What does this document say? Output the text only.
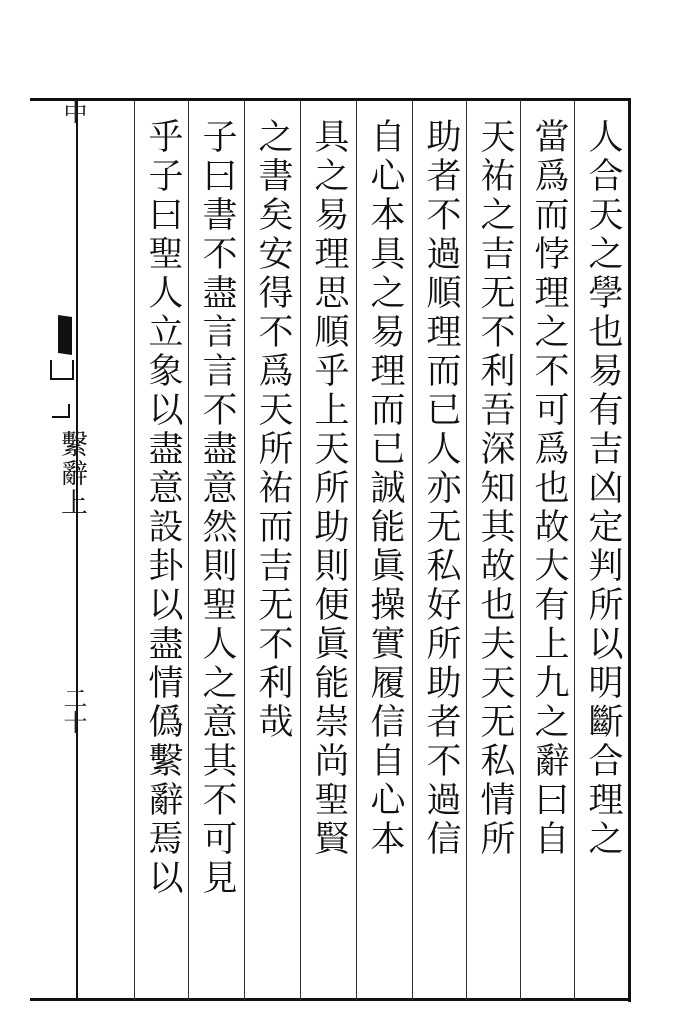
人合天之學也易有吉凶定判所以明斷合理之
當爲而悖理之不可爲也故大有上九之辭曰自
天祐之吉无不利吾深知其故也夫天无私情所
助者不過順理而已人亦无私好所助者不過信
自心本具之易理而已誠能眞操實履信自心本
具之易理思順乎上天所助則便眞能崇尚聖賢
之書矣安得不爲天所祐而吉无不利哉
子曰書不盡言言不盡意然則聖人之意其不可見
乎子曰聖人立象以盡意設卦以盡情僞繫辭焉以
中
繫辭上
二十
